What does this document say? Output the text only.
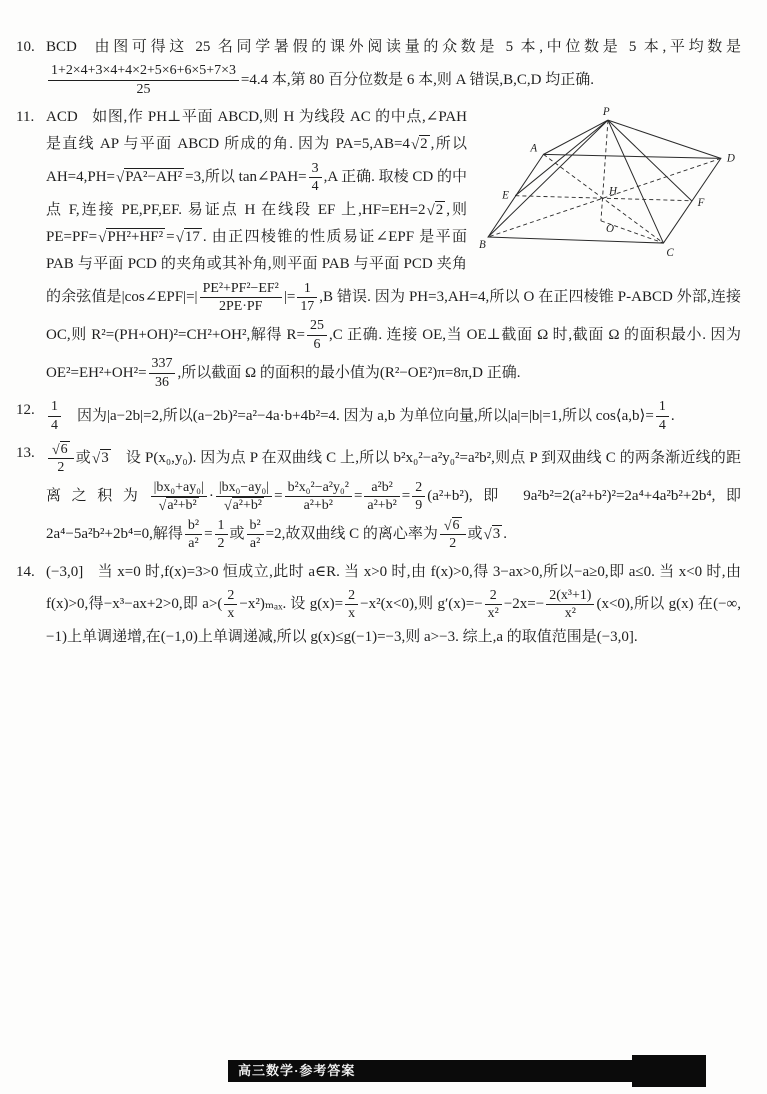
10. BCD 由图可得这 25 名同学暑假的课外阅读量的众数是 5 本,中位数是 5 本,平均数是
$\frac{1+2\times 4+3\times 4+4\times 2+5\times 6+6\times 5+7\times 3}{25} =4.4$ 本,第 80 百分位数是 6 本,则 A 错误,B,C,D 均正确.
11.	P
A
D
E
F
H
O
B
C
ACD 如图,作 PH⊥平面 ABCD,则 H 为线段 AC 的中点,∠PAH 是直线 AP 与平面 ABCD 所成的角. 因为 PA=5,AB=4√2 ,所以 AH=4,PH=√PA²−AH² =3,所以 tan∠PAH= $\frac{3}{4} ,A$ 正确. 取棱 CD 的中点 F,连接 PE,PF,EF. 易证点 H 在线段 EF 上,HF=EH=2√2 ,则 PE=PF=√PH²+HF² =√17 . 由正四棱锥的性质易证∠EPF 是平面 PAB 与平面 PCD 的夹角或其补角,则平面 PAB 与平面 PCD 夹角的余弦值是|cos∠EPF|=| $\frac{\text{PE²+PF²−EF²}}{2PE\cdot PF}$ |= $\frac{1}{17} ,B$ 错误. 因为 PH=3,AH=4,所以 O 在正四棱锥 P-ABCD 外部,连接 OC,则 R²=(PH+OH)²=CH²+OH²,解得 $R= \frac{25}{6} ,C$ 正确. 连接 OE,当 OE⊥截面 Ω 时,截面 Ω 的面积最小. 因为 $OE^2=EH^2+OH^2= \frac{337}{36}$ ,所以截面 Ω 的面积的最小值为(R²−OE²)π=8π,D 正确.
12. $\frac{1}{4}$ 因为|a−2b|=2,所以(a−2b)²=a²−4a·b+4b²=4. 因为 a,b 为单位向量,所以|a|=|b|=1,所以 cos⟨a,b⟩= $\frac{1}{4}$ .
13. $\frac{√6}{2}$ 或√3 设 P(x₀,y₀). 因为点 P 在双曲线 C 上,所以 b²x₀²−a²y₀²=a²b²,则点 P 到双曲线 C 的两条渐近线的距离之积为 $\frac{\text{|bx₀+ay₀|}}{\text{√a²+b²}} \cdot \frac{\text{|bx₀−ay₀|}}{\text{√a²+b²}} = \frac{\text{b²x₀²−a²y₀²}}{\text{a²+b²}} = \frac{\text{a²b²}}{\text{a²+b²}} = \frac{2}{9} (a^2+b^2)$,即 9a²b²=2(a²+b²)²=2a⁴+4a²b²+2b⁴,即 2a⁴−5a²b²+2b⁴=0,解得 $\frac{\text{b²}}{\text{a²}} = \frac{1}{2}$ 或 $\frac{\text{b²}}{\text{a²}} =2$,故双曲线 C 的离心率为 $\frac{√6}{2}$ 或√3 .
14. (−3,0] 当 x=0 时,f(x)=3>0 恒成立,此时 a∈R. 当 x>0 时,由 f(x)>0,得 3−ax>0,所以−a≥0,即 a≤0. 当 x<0 时,由 f(x)>0,得−x³−ax+2>0,即 $a>( \frac{2}{x} -x^2)_{max}$. 设 $g(x)= \frac{2}{x} -x^2(x<0)$,则 $g'(x)=- \frac{2}{\text{x²}} -2x=- \frac{\text{2(x³+1)}}{\text{x²}} (x<0)$,所以 g(x) 在(−∞,−1)上单调递增,在(−1,0)上单调递减,所以 g(x)≤g(−1)=−3,则 a>−3. 综上,a 的取值范围是(−3,0].
高三数学·参考答案
